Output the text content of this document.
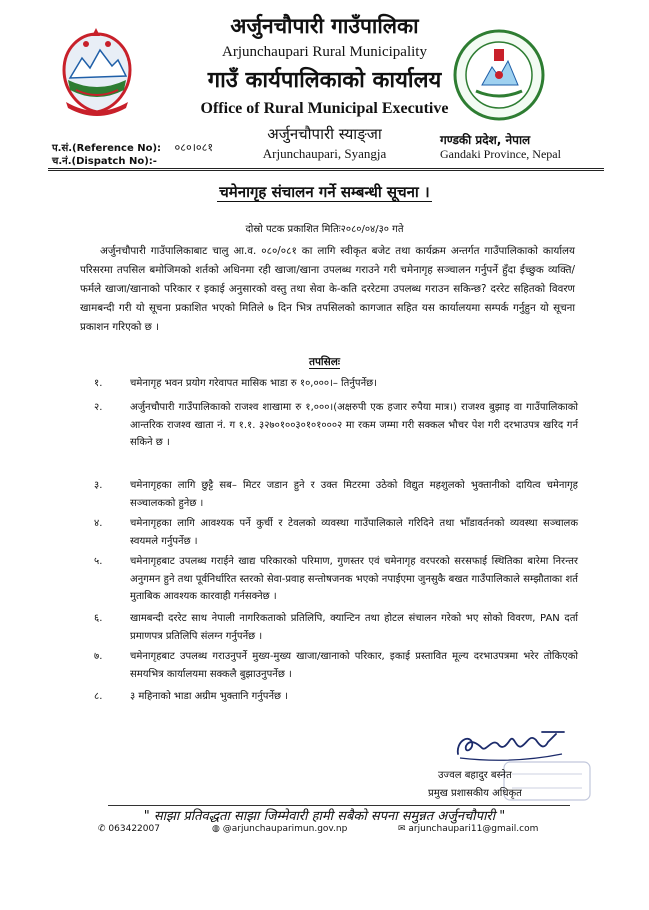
अर्जुनचौपारी गाउँपालिका
Arjunchaupari Rural Municipality
गाउँ कार्यपालिकाको कार्यालय
Office of Rural Municipal Executive
अर्जुनचौपारी स्याङ्जा
Arjunchaupari, Syangja
प.सं.(Reference No): ०८०।०८१
च.नं.(Dispatch No):-
गण्डकी प्रदेश, नेपाल
Gandaki Province, Nepal
चमेनागृह संचालन गर्ने सम्बन्धी सूचना ।
दोस्रो पटक प्रकाशित मितिः२०८०/०४/३० गते
अर्जुनचौपारी गाउँपालिकाबाट चालु आ.व. ०८०/०८१ का लागि स्वीकृत बजेट तथा कार्यक्रम अन्तर्गत गाउँपालिकाको कार्यालय परिसरमा तपसिल बमोजिमको शर्तको अधिनमा रही खाजा/खाना उपलब्ध गराउने गरी चमेनागृह सञ्चालन गर्नुपर्ने हुँदा ईच्छुक व्यक्ति/फर्मले खाजा/खानाको परिकार र इकाई अनुसारको वस्तु तथा सेवा के-कति दररेटमा उपलब्ध गराउन सकिन्छ? दररेट सहितको विवरण खामबन्दी गरी यो सूचना प्रकाशित भएको मितिले ७ दिन भित्र तपसिलको कागजात सहित यस कार्यालयमा सम्पर्क गर्नुहुन यो सूचना प्रकाशन गरिएको छ ।
तपसिलः
१.	चमेनागृह भवन प्रयोग गरेवापत मासिक भाडा रु १०,०००।– तिर्नुपर्नेछ।
२.	अर्जुनचौपारी गाउँपालिकाको राजश्व शाखामा रु १,०००।(अक्षरुपी एक हजार रुपैया मात्र।) राजश्व बुझाइ वा गाउँपालिकाको आन्तरिक राजश्व खाता नं. ग १.१. ३२७०१००३०१०१०००२ मा रकम जम्मा गरी सक्कल भौचर पेश गरी दरभाउपत्र खरिद गर्न सकिने छ ।
३.	चमेनागृहका लागि छुट्टै सब– मिटर जडान हुने र उक्त मिटरमा उठेको विद्युत महशुलको भुक्तानीको दायित्व चमेनागृह सञ्चालकको हुनेछ ।
४.	चमेनागृहका लागि आवश्यक पर्ने कुर्ची र टेवलको व्यवस्था गाउँपालिकाले गरिदिने तथा भाँडावर्तनको व्यवस्था सञ्चालक स्वयमले गर्नुपर्नेछ ।
५.	चमेनागृहबाट उपलब्ध गराईने खाद्य परिकारको परिमाण, गुणस्तर एवं चमेनागृह वरपरको सरसफाई स्थितिका बारेमा निरन्तर अनुगमन हुने तथा पूर्वनिर्धारित स्तरको सेवा-प्रवाह सन्तोषजनक भएको नपाईएमा जुनसुकै बखत गाउँपालिकाले सम्झौताका शर्त मुताबिक आवश्यक कारवाही गर्नसक्नेछ ।
६.	खामबन्दी दररेट साथ नेपाली नागरिकताको प्रतिलिपि, क्यान्टिन तथा होटल संचालन गरेको भए सोको विवरण, PAN दर्ता प्रमाणपत्र प्रतिलिपि संलग्न गर्नुपर्नेछ ।
७.	चमेनागृहबाट उपलब्ध गराउनुपर्ने मुख्य-मुख्य खाजा/खानाको परिकार, इकाई प्रस्तावित मूल्य दरभाउपत्रमा भरेर तोकिएको समयभित्र कार्यालयमा सक्कलै बुझाउनुपर्नेछ ।
८.	३ महिनाको भाडा अग्रीम भुक्तानि गर्नुपर्नेछ ।
उज्वल बहादुर बस्नेत
प्रमुख प्रशासकीय अधिकृत
" साझा प्रतिवद्धता साझा जिम्मेवारी हामी सबैको सपना समुन्नत अर्जुनचौपारी "
✆ 063422007	◍ @arjunchauparimun.gov.np	✉ arjunchaupari11@gmail.com
